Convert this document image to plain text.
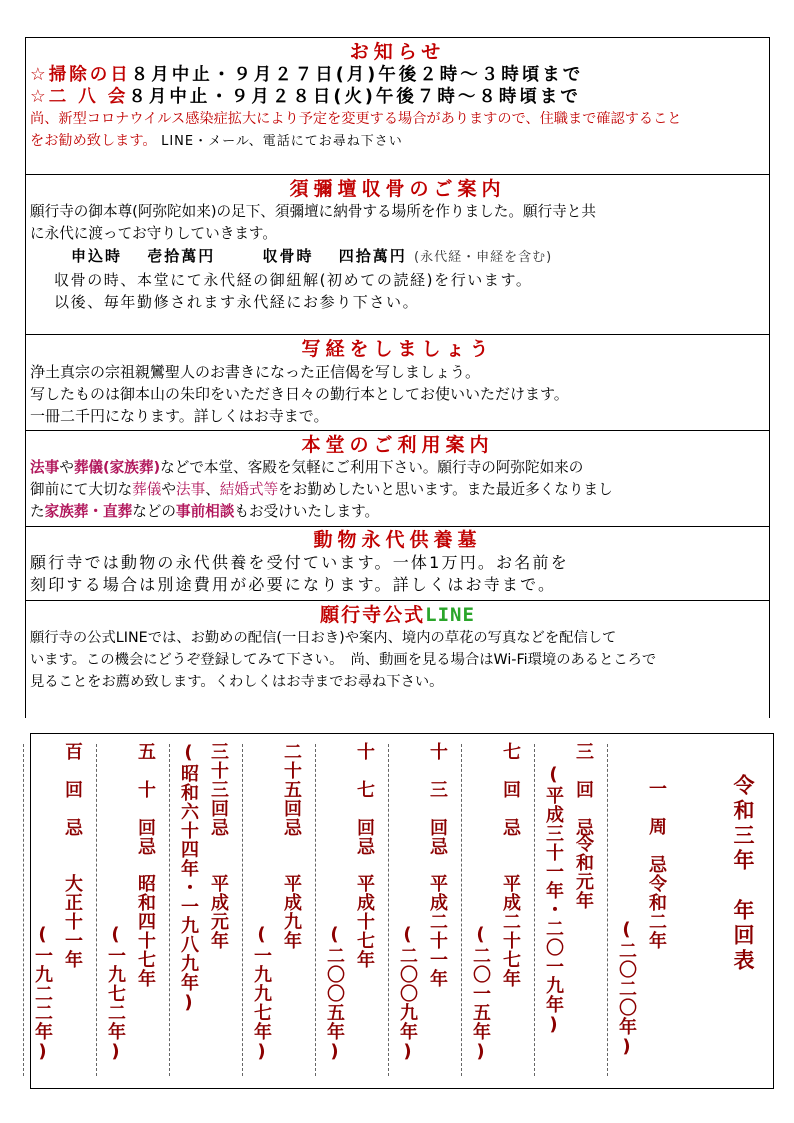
お知らせ
☆掃除の日８月中止・９月２７日(月)午後２時～３時頃まで
☆二 八 会８月中止・９月２８日(火)午後７時～８時頃まで
尚、新型コロナウイルス感染症拡大により予定を変更する場合がありますので、住職まで確認すること
をお勧め致します。 LINE・メール、電話にてお尋ね下さい
須彌壇収骨のご案内
願行寺の御本尊(阿弥陀如来)の足下、須彌壇に納骨する場所を作りました。願行寺と共
に永代に渡ってお守りしていきます。
申込時 壱拾萬円	収骨時 四拾萬円 (永代経・申経を含む)
収骨の時、本堂にて永代経の御紐解(初めての読経)を行います。
以後、毎年勤修されます永代経にお参り下さい。
写経をしましょう
浄土真宗の宗祖親鸞聖人のお書きになった正信偈を写しましょう。
写したものは御本山の朱印をいただき日々の勤行本としてお使いいただけます。
一冊二千円になります。詳しくはお寺まで。
本堂のご利用案内
法事や葬儀(家族葬)などで本堂、客殿を気軽にご利用下さい。願行寺の阿弥陀如来の
御前にて大切な葬儀や法事、結婚式等をお勤めしたいと思います。また最近多くなりまし
た家族葬・直葬などの事前相談もお受けいたします。
動物永代供養墓
願行寺では動物の永代供養を受付ています。一体1万円。お名前を
刻印する場合は別途費用が必要になります。詳しくはお寺まで。
願行寺公式LINE
願行寺の公式LINEでは、お勤めの配信(一日おき)や案内、境内の草花の写真などを配信して
います。この機会にどうぞ登録してみて下さい。　尚、動画を見る場合はWi-Fi環境のあるところで
見ることをお薦め致します。くわしくはお寺までお尋ね下さい。
令和三年　年回表
(二〇二〇年)
令和二年
一　周　忌
(平成三十一年・二〇一九年) 令和元年
三　回　忌
(二〇一五年) 平成二十七年
七　回　忌
(二〇〇九年) 平成二十一年
十　三　回忌
(二〇〇五年)
平成十七年
十　七　回忌
(一九九七年)
平成九年
二十五回忌
(昭和六十四年・一九八九年) 平成元年
三十三回忌
(一九七二年) 昭和四十七年
五　十　回忌
(一九二二年)
大正十一年
百　回　忌
